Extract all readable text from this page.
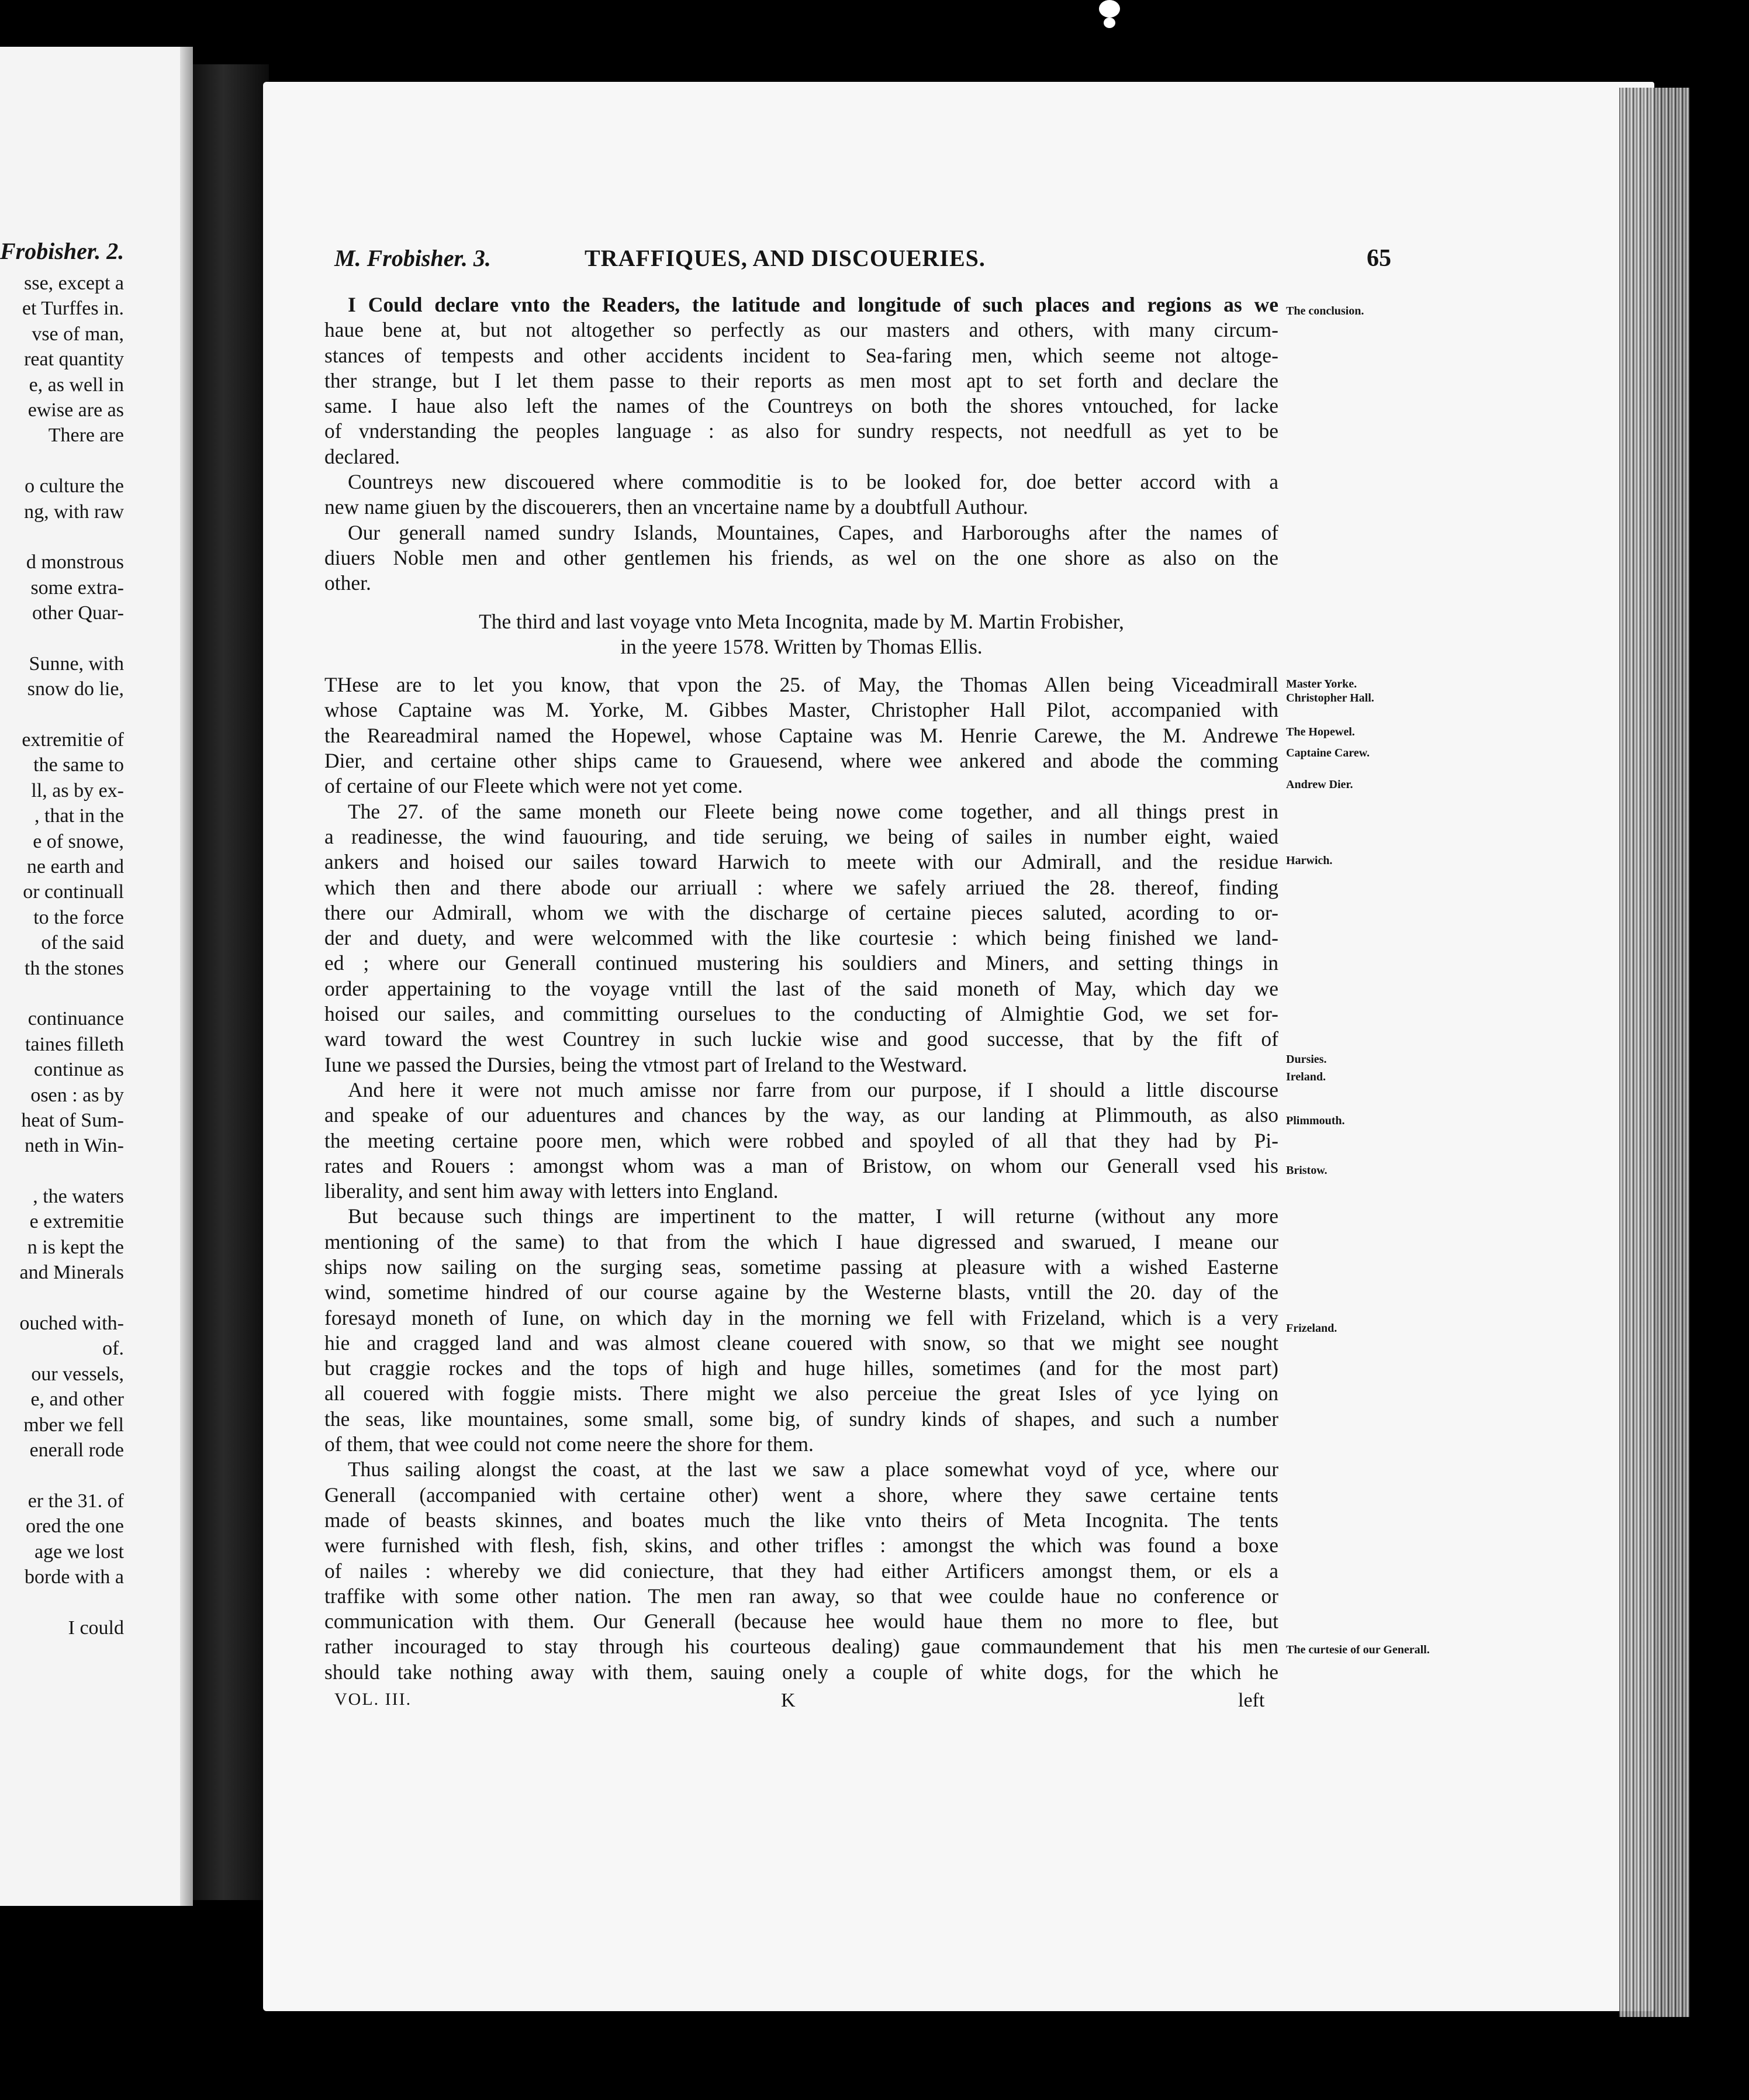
Frobisher. 2.
sse, except a
et Turffes in.
vse of man,
reat quantity
e, as well in
ewise are as
There are
o culture the
ng, with raw
d monstrous
some extra-
other Quar-
Sunne, with
snow do lie,
extremitie of
the same to
ll, as by ex-
, that in the
e of snowe,
ne earth and
or continuall
to the force
of the said
th the stones
continuance
taines filleth
continue as
osen : as by
heat of Sum-
neth in Win-
, the waters
e extremitie
n is kept the
and Minerals
ouched with-
of.
our vessels,
e, and other
mber we fell
enerall rode
er the 31. of
ored the one
age we lost
borde with a
I could
M. Frobisher. 3.	TRAFFIQUES, AND DISCOUERIES.	65
I Could declare vnto the Readers, the latitude and longitude of such places and regions as we
haue bene at, but not altogether so perfectly as our masters and others, with many circum-
stances of tempests and other accidents incident to Sea-faring men, which seeme not altoge-
ther strange, but I let them passe to their reports as men most apt to set forth and declare the
same. I haue also left the names of the Countreys on both the shores vntouched, for lacke
of vnderstanding the peoples language : as also for sundry respects, not needfull as yet to be
declared.
Countreys new discouered where commoditie is to be looked for, doe better accord with a
new name giuen by the discouerers, then an vncertaine name by a doubtfull Authour.
Our generall named sundry Islands, Mountaines, Capes, and Harboroughs after the names of
diuers Noble men and other gentlemen his friends, as wel on the one shore as also on the
other.
The third and last voyage vnto Meta Incognita, made by M. Martin Frobisher,
in the yeere 1578. Written by Thomas Ellis.
THese are to let you know, that vpon the 25. of May, the Thomas Allen being Viceadmirall
whose Captaine was M. Yorke, M. Gibbes Master, Christopher Hall Pilot, accompanied with
the Reareadmiral named the Hopewel, whose Captaine was M. Henrie Carewe, the M. Andrewe
Dier, and certaine other ships came to Grauesend, where wee ankered and abode the comming
of certaine of our Fleete which were not yet come.
The 27. of the same moneth our Fleete being nowe come together, and all things prest in
a readinesse, the wind fauouring, and tide seruing, we being of sailes in number eight, waied
ankers and hoised our sailes toward Harwich to meete with our Admirall, and the residue
which then and there abode our arriuall : where we safely arriued the 28. thereof, finding
there our Admirall, whom we with the discharge of certaine pieces saluted, acording to or-
der and duety, and were welcommed with the like courtesie : which being finished we land-
ed ; where our Generall continued mustering his souldiers and Miners, and setting things in
order appertaining to the voyage vntill the last of the said moneth of May, which day we
hoised our sailes, and committing ourselues to the conducting of Almightie God, we set for-
ward toward the west Countrey in such luckie wise and good successe, that by the fift of
Iune we passed the Dursies, being the vtmost part of Ireland to the Westward.
And here it were not much amisse nor farre from our purpose, if I should a little discourse
and speake of our aduentures and chances by the way, as our landing at Plimmouth, as also
the meeting certaine poore men, which were robbed and spoyled of all that they had by Pi-
rates and Rouers : amongst whom was a man of Bristow, on whom our Generall vsed his
liberality, and sent him away with letters into England.
But because such things are impertinent to the matter, I will returne (without any more
mentioning of the same) to that from the which I haue digressed and swarued, I meane our
ships now sailing on the surging seas, sometime passing at pleasure with a wished Easterne
wind, sometime hindred of our course againe by the Westerne blasts, vntill the 20. day of the
foresayd moneth of Iune, on which day in the morning we fell with Frizeland, which is a very
hie and cragged land and was almost cleane couered with snow, so that we might see nought
but craggie rockes and the tops of high and huge hilles, sometimes (and for the most part)
all couered with foggie mists. There might we also perceiue the great Isles of yce lying on
the seas, like mountaines, some small, some big, of sundry kinds of shapes, and such a number
of them, that wee could not come neere the shore for them.
Thus sailing alongst the coast, at the last we saw a place somewhat voyd of yce, where our
Generall (accompanied with certaine other) went a shore, where they sawe certaine tents
made of beasts skinnes, and boates much the like vnto theirs of Meta Incognita. The tents
were furnished with flesh, fish, skins, and other trifles : amongst the which was found a boxe
of nailes : whereby we did coniecture, that they had either Artificers amongst them, or els a
traffike with some other nation. The men ran away, so that wee coulde haue no conference or
communication with them. Our Generall (because hee would haue them no more to flee, but
rather incouraged to stay through his courteous dealing) gaue commaundement that his men
should take nothing away with them, sauing onely a couple of white dogs, for the which he
The conclusion.
Master Yorke.
Christopher Hall.
The Hopewel.
Captaine Carew.
Andrew Dier.
Harwich.
Dursies.
Ireland.
Plimmouth.
Bristow.
Frizeland.
The curtesie of our Generall.
VOL. III.	K	left
